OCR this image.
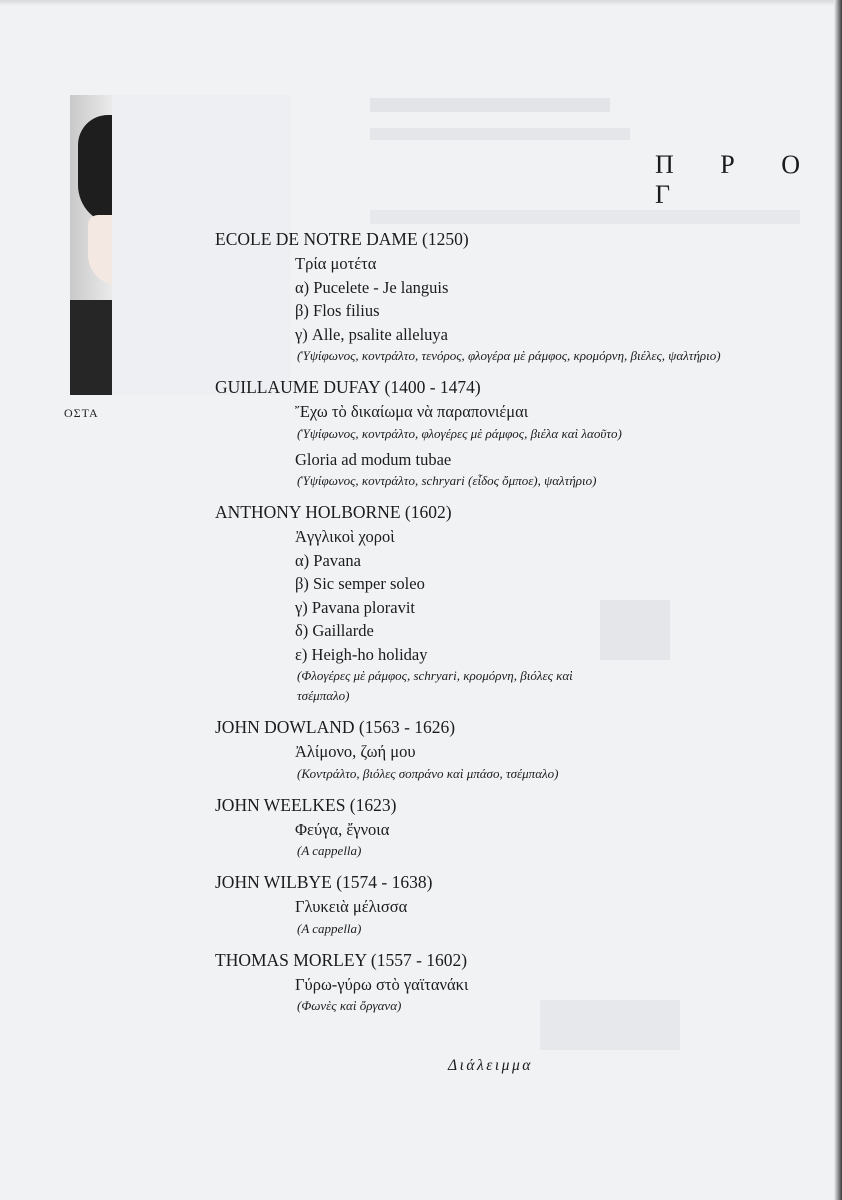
ΟΣΤΑ
Π Ρ Ο Γ

ECOLE DE NOTRE DAME (1250)

Τρία μοτέτα
α) Pucelete - Je languis
β) Flos filius
γ) Alle, psalite alleluya
(Ὑψίφωνος, κοντράλτο, τενόρος, φλογέρα μὲ ράμφος, κρομόρνη, βιέλες, ψαλτήριο)

GUILLAUME DUFAY (1400 - 1474)

Ἔχω τὸ δικαίωμα νὰ παραπονιέμαι
(Ὑψίφωνος, κοντράλτο, φλογέρες μὲ ράμφος, βιέλα καὶ λαοῦτο)
Gloria ad modum tubae
(Ὑψίφωνος, κοντράλτο, schryari (εἶδος ὄμποε), ψαλτήριο)

ANTHONY HOLBORNE (1602)

Ἀγγλικοὶ χοροὶ
α) Pavana
β) Sic semper soleo
γ) Pavana ploravit
δ) Gaillarde
ε) Heigh-ho holiday
(Φλογέρες μὲ ράμφος, schryari, κρομόρνη, βιόλες καὶ τσέμπαλο)

JOHN DOWLAND (1563 - 1626)

Ἀλίμονο, ζωή μου
(Κοντράλτο, βιόλες σοπράνο καὶ μπάσο, τσέμπαλο)

JOHN WEELKES (1623)

Φεύγα, ἔγνοια
(A cappella)

JOHN WILBYE (1574 - 1638)

Γλυκειὰ μέλισσα
(A cappella)

THOMAS MORLEY (1557 - 1602)

Γύρω-γύρω στὸ γαϊτανάκι
(Φωνὲς καὶ ὄργανα)
Διάλειμμα
